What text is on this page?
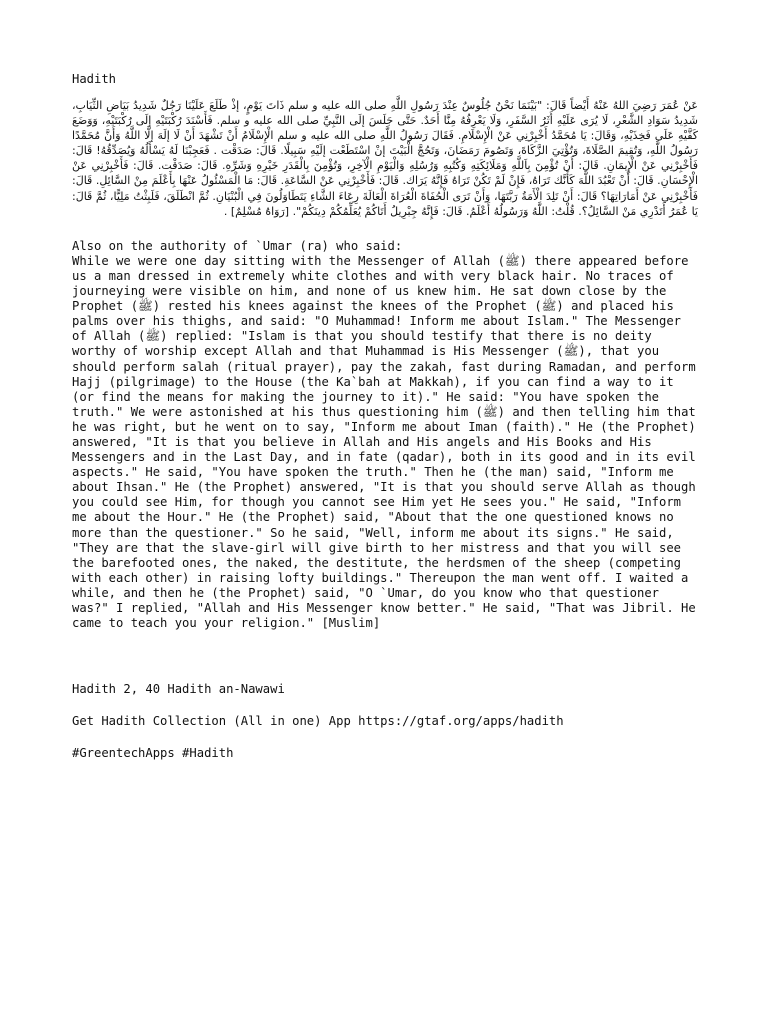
Hadith

عَنْ عُمَرَ رَضِيَ اللهُ عَنْهُ أَيْضاً قَالَ: "بَيْنَمَا نَحْنُ جُلُوسٌ عِنْدَ رَسُولِ اللَّهِ صلى الله عليه و سلم ذَاتَ يَوْمٍ، إذْ طَلَعَ عَلَيْنَا رَجُلٌ شَدِيدُ بَيَاضِ الثِّيَابِ، شَدِيدُ سَوَادِ الشَّعْرِ، لَا يُرَى عَلَيْهِ أَثَرُ السَّفَرِ، وَلَا يَعْرِفُهُ مِنَّا أَحَدٌ. حَتَّى جَلَسَ إلَى النَّبِيِّ صلى الله عليه و سلم. فَأَسْنَدَ رُكْبَتَيْهِ إلَى رُكْبَتَيْهِ، وَوَضَعَ كَفَّيْهِ عَلَى فَخِذَيْهِ، وَقَالَ: يَا مُحَمَّدُ أَخْبِرْنِي عَنْ الْإِسْلَامِ. فَقَالَ رَسُولُ اللَّهِ صلى الله عليه و سلم الْإِسْلَامُ أَنْ تَشْهَدَ أَنْ لَا إلَهَ إلَّا اللَّهُ وَأَنَّ مُحَمَّدًا رَسُولُ اللَّهِ، وَتُقِيمَ الصَّلَاةَ، وَتُؤْتِيَ الزَّكَاةَ، وَتَصُومَ رَمَضَانَ، وَتَحُجَّ الْبَيْتَ إنْ اسْتَطَعْت إلَيْهِ سَبِيلًا. قَالَ: صَدَقْت . فَعَجِبْنَا لَهُ يَسْأَلُهُ وَيُصَدِّقُهُ! قَالَ: فَأَخْبِرْنِي عَنْ الْإِيمَانِ. قَالَ: أَنْ تُؤْمِنَ بِاَللَّهِ وَمَلَائِكَتِهِ وَكُتُبِهِ وَرُسُلِهِ وَالْيَوْمِ الْآخِرِ، وَتُؤْمِنَ بِالْقَدَرِ خَيْرِهِ وَشَرِّهِ. قَالَ: صَدَقْت. قَالَ: فَأَخْبِرْنِي عَنْ الْإِحْسَانِ. قَالَ: أَنْ تَعْبُدَ اللَّهَ كَأَنَّك تَرَاهُ، فَإِنْ لَمْ تَكُنْ تَرَاهُ فَإِنَّهُ يَرَاك. قَالَ: فَأَخْبِرْنِي عَنْ السَّاعَةِ. قَالَ: مَا الْمَسْئُولُ عَنْهَا بِأَعْلَمَ مِنْ السَّائِلِ. قَالَ: فَأَخْبِرْنِي عَنْ أَمَارَاتِهَا؟ قَالَ: أَنْ تَلِدَ الْأَمَةُ رَبَّتَهَا، وَأَنْ تَرَى الْحُفَاةَ الْعُرَاةَ الْعَالَةَ رِعَاءَ الشَّاءِ يَتَطَاوَلُونَ فِي الْبُنْيَانِ. ثُمَّ انْطَلَقَ، فَلَبِثْتُ مَلِيًّا، ثُمَّ قَالَ: يَا عُمَرُ أَتَدْرِي مَنْ السَّائِلُ؟. قُلْتُ: اللَّهُ وَرَسُولُهُ أَعْلَمُ. قَالَ: فَإِنَّهُ جِبْرِيلُ أَتَاكُمْ يُعَلِّمُكُمْ دِينَكُمْ". [رَوَاهُ مُسْلِمٌ] .

Also on the authority of `Umar (ra) who said:
While we were one day sitting with the Messenger of Allah (ﷺ) there appeared before us a man dressed in extremely white clothes and with very black hair. No traces of journeying were visible on him, and none of us knew him. He sat down close by the Prophet (ﷺ) rested his knees against the knees of the Prophet (ﷺ) and placed his palms over his thighs, and said: "O Muhammad! Inform me about Islam." The Messenger of Allah (ﷺ) replied: "Islam is that you should testify that there is no deity worthy of worship except Allah and that Muhammad is His Messenger (ﷺ), that you should perform salah (ritual prayer), pay the zakah, fast during Ramadan, and perform Hajj (pilgrimage) to the House (the Ka`bah at Makkah), if you can find a way to it (or find the means for making the journey to it)." He said: "You have spoken the truth." We were astonished at his thus questioning him (ﷺ) and then telling him that he was right, but he went on to say, "Inform me about Iman (faith)." He (the Prophet) answered, "It is that you believe in Allah and His angels and His Books and His Messengers and in the Last Day, and in fate (qadar), both in its good and in its evil aspects." He said, "You have spoken the truth." Then he (the man) said, "Inform me about Ihsan." He (the Prophet) answered, "It is that you should serve Allah as though you could see Him, for though you cannot see Him yet He sees you." He said, "Inform me about the Hour." He (the Prophet) said, "About that the one questioned knows no more than the questioner." So he said, "Well, inform me about its signs." He said, "They are that the slave-girl will give birth to her mistress and that you will see the barefooted ones, the naked, the destitute, the herdsmen of the sheep (competing with each other) in raising lofty buildings." Thereupon the man went off. I waited a while, and then he (the Prophet) said, "O `Umar, do you know who that questioner was?" I replied, "Allah and His Messenger know better." He said, "That was Jibril. He came to teach you your religion." [Muslim]

Hadith 2, 40 Hadith an-Nawawi

Get Hadith Collection (All in one) App https://gtaf.org/apps/hadith

#GreentechApps #Hadith
